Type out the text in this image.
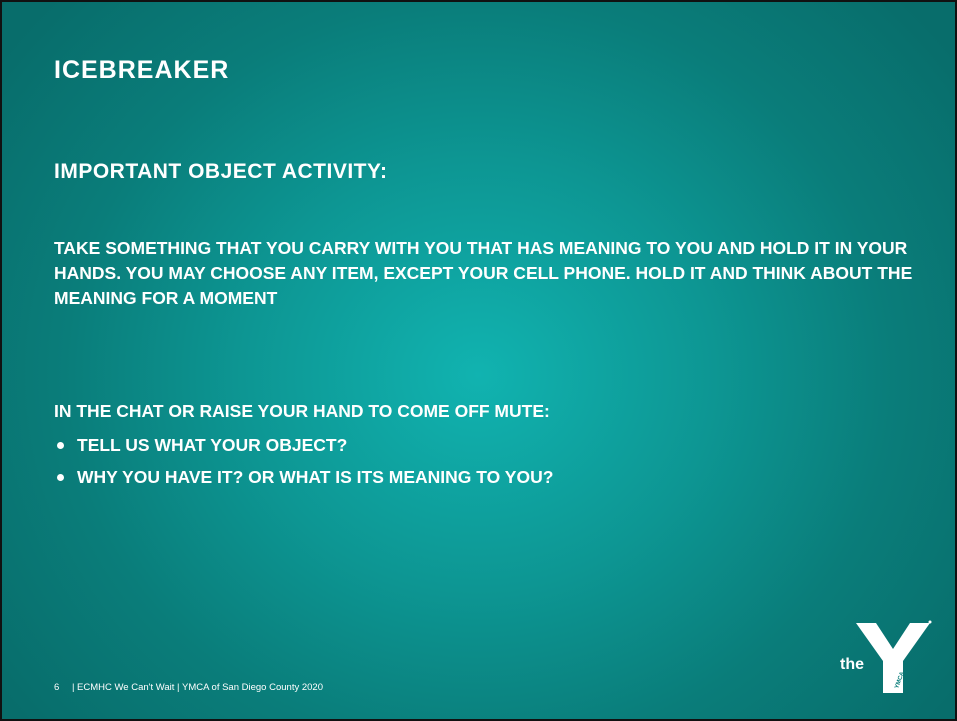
ICEBREAKER
IMPORTANT OBJECT ACTIVITY:
TAKE SOMETHING THAT YOU CARRY WITH YOU THAT HAS MEANING TO YOU AND HOLD IT IN YOUR HANDS. YOU MAY CHOOSE ANY ITEM, EXCEPT YOUR CELL PHONE. HOLD IT AND THINK ABOUT THE MEANING FOR A MOMENT
IN THE CHAT OR RAISE YOUR HAND TO COME OFF MUTE:
TELL US WHAT YOUR OBJECT?
WHY YOU HAVE IT? OR WHAT IS ITS MEANING TO YOU?
6 | ECMHC We Can't Wait | YMCA of San Diego County 2020
the
YMCA
